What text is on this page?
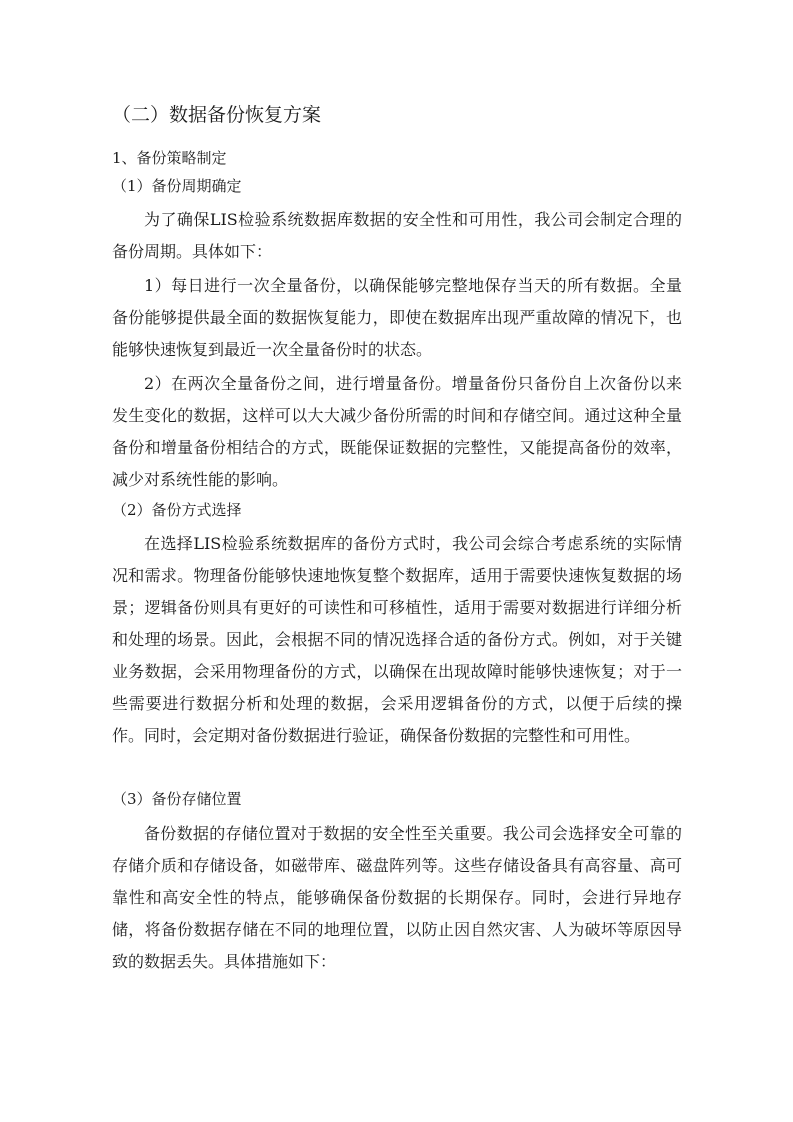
（二）数据备份恢复方案
1、备份策略制定
（1）备份周期确定

为了确保LIS检验系统数据库数据的安全性和可用性，我公司会制定合理的备份周期。具体如下：

1）每日进行一次全量备份，以确保能够完整地保存当天的所有数据。全量备份能够提供最全面的数据恢复能力，即使在数据库出现严重故障的情况下，也能够快速恢复到最近一次全量备份时的状态。

2）在两次全量备份之间，进行增量备份。增量备份只备份自上次备份以来发生变化的数据，这样可以大大减少备份所需的时间和存储空间。通过这种全量备份和增量备份相结合的方式，既能保证数据的完整性，又能提高备份的效率，减少对系统性能的影响。

（2）备份方式选择

在选择LIS检验系统数据库的备份方式时，我公司会综合考虑系统的实际情况和需求。物理备份能够快速地恢复整个数据库，适用于需要快速恢复数据的场景；逻辑备份则具有更好的可读性和可移植性，适用于需要对数据进行详细分析和处理的场景。因此，会根据不同的情况选择合适的备份方式。例如，对于关键业务数据，会采用物理备份的方式，以确保在出现故障时能够快速恢复；对于一些需要进行数据分析和处理的数据，会采用逻辑备份的方式，以便于后续的操作。同时，会定期对备份数据进行验证，确保备份数据的完整性和可用性。

（3）备份存储位置

备份数据的存储位置对于数据的安全性至关重要。我公司会选择安全可靠的存储介质和存储设备，如磁带库、磁盘阵列等。这些存储设备具有高容量、高可靠性和高安全性的特点，能够确保备份数据的长期保存。同时，会进行异地存储，将备份数据存储在不同的地理位置，以防止因自然灾害、人为破坏等原因导致的数据丢失。具体措施如下：
